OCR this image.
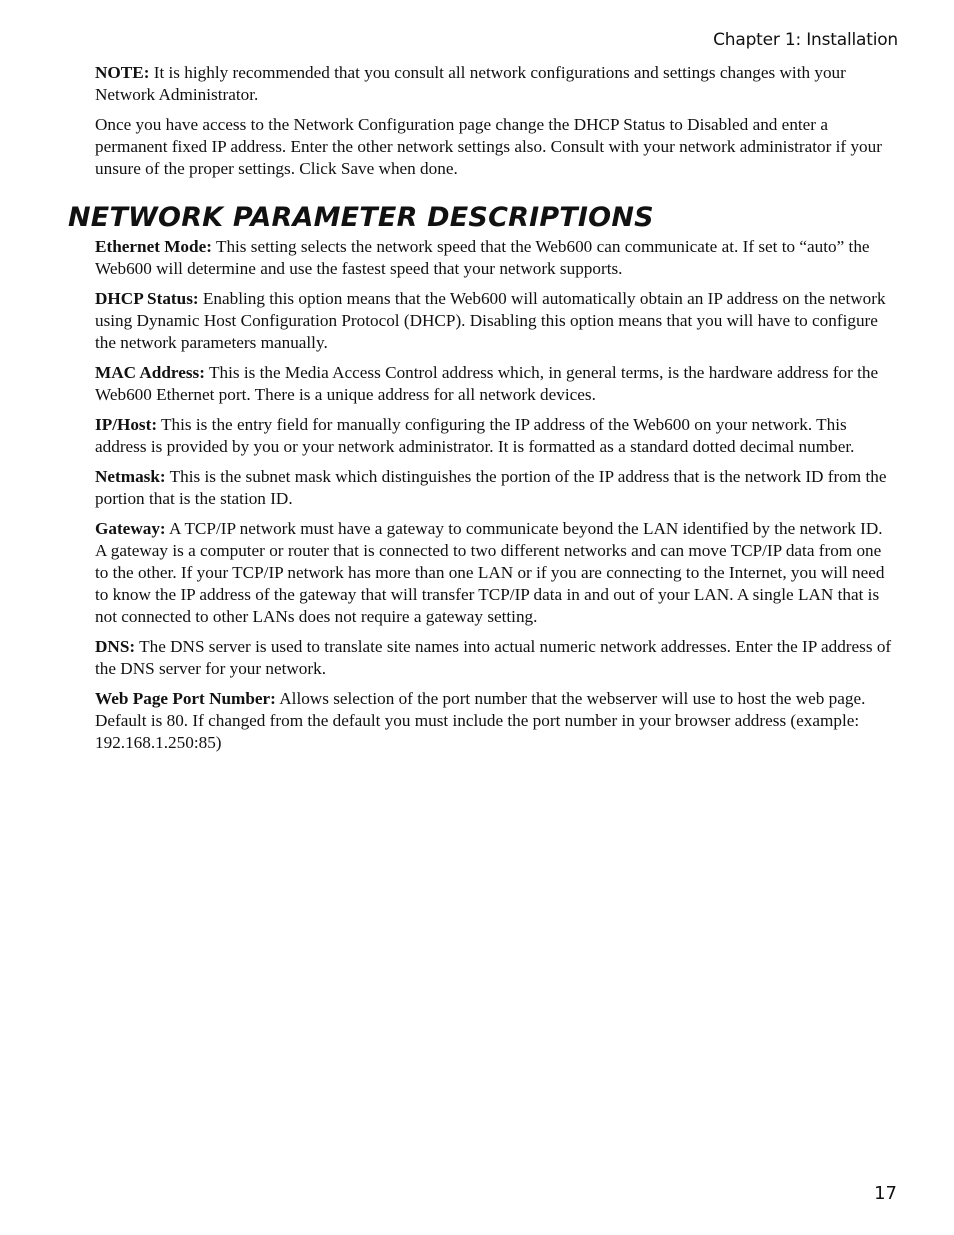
Chapter 1: Installation

NOTE: It is highly recommended that you consult all network configurations and settings changes with your Network Administrator.

Once you have access to the Network Configuration page change the DHCP Status to Disabled and enter a permanent fixed IP address. Enter the other network settings also. Consult with your network administrator if your unsure of the proper settings. Click Save when done.

NETWORK PARAMETER DESCRIPTIONS

Ethernet Mode: This setting selects the network speed that the Web600 can communicate at. If set to “auto” the Web600 will determine and use the fastest speed that your network supports.

DHCP Status: Enabling this option means that the Web600 will automatically obtain an IP address on the network using Dynamic Host Configuration Protocol (DHCP). Disabling this option means that you will have to configure the network parameters manually.

MAC Address: This is the Media Access Control address which, in general terms, is the hardware address for the Web600 Ethernet port. There is a unique address for all network devices.

IP/Host: This is the entry field for manually configuring the IP address of the Web600 on your network. This address is provided by you or your network administrator. It is formatted as a standard dotted decimal number.

Netmask: This is the subnet mask which distinguishes the portion of the IP address that is the network ID from the portion that is the station ID.

Gateway: A TCP/IP network must have a gateway to communicate beyond the LAN identified by the network ID. A gateway is a computer or router that is connected to two different networks and can move TCP/IP data from one to the other. If your TCP/IP network has more than one LAN or if you are connecting to the Internet, you will need to know the IP address of the gateway that will transfer TCP/IP data in and out of your LAN. A single LAN that is not connected to other LANs does not require a gateway setting.

DNS: The DNS server is used to translate site names into actual numeric network addresses. Enter the IP address of the DNS server for your network.

Web Page Port Number: Allows selection of the port number that the webserver will use to host the web page. Default is 80. If changed from the default you must include the port number in your browser address (example: 192.168.1.250:85)

17
